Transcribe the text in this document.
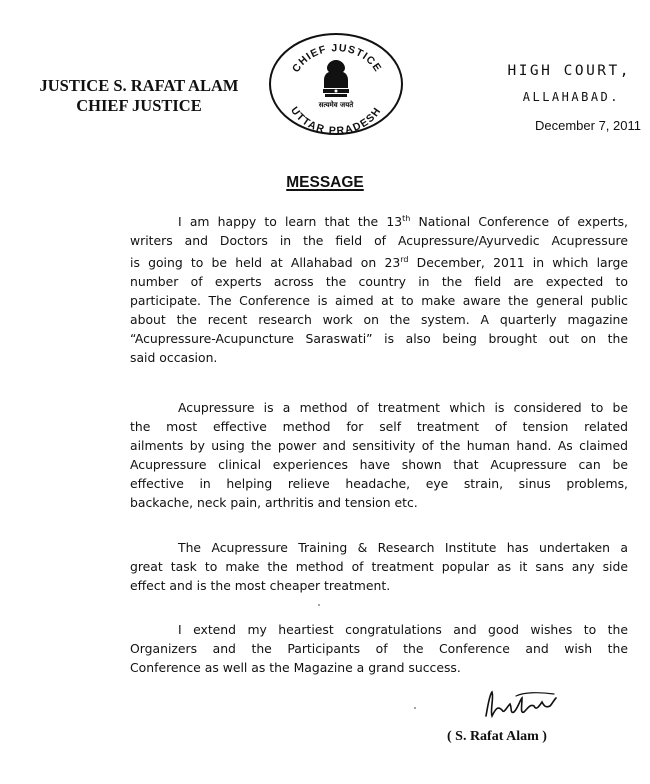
JUSTICE S. RAFAT ALAM
CHIEF JUSTICE
CHIEF JUSTICE
UTTAR PRADESH
सत्यमेव जयते
HIGH COURT,
ALLAHABAD.
December 7, 2011
MESSAGE
I am happy to learn that the 13th National Conference of experts,
writers and Doctors in the field of Acupressure/Ayurvedic Acupressure
is going to be held at Allahabad on 23rd December, 2011 in which large
number of experts across the country in the field are expected to
participate. The Conference is aimed at to make aware the general public
about the recent research work on the system. A quarterly magazine
“Acupressure-Acupuncture Saraswati” is also being brought out on the
said occasion.
Acupressure is a method of treatment which is considered to be
the most effective method for self treatment of tension related
ailments by using the power and sensitivity of the human hand. As claimed
Acupressure clinical experiences have shown that Acupressure can be
effective in helping relieve headache, eye strain, sinus problems,
backache, neck pain, arthritis and tension etc.
The Acupressure Training & Research Institute has undertaken a
great task to make the method of treatment popular as it sans any side
effect and is the most cheaper treatment.
I extend my heartiest congratulations and good wishes to the
Organizers and the Participants of the Conference and wish the
Conference as well as the Magazine a grand success.
( S. Rafat Alam )
